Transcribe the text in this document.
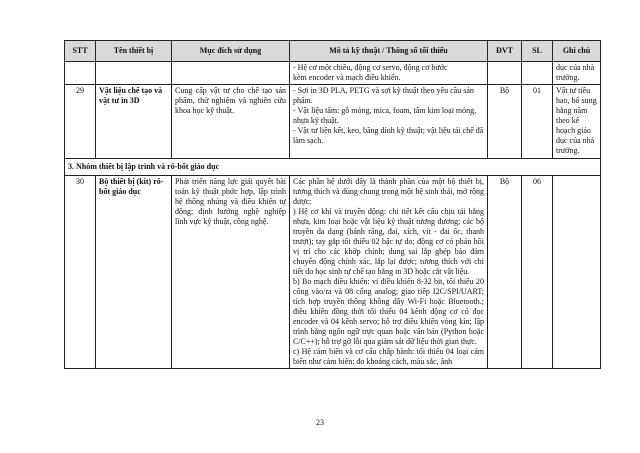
STT	Tên thiết bị	Mục đích sử dụng	Mô tả kỹ thuật / Thông số tối thiểu	ĐVT	SL	Ghi chú

			- Hệ cơ một chiều, động cơ servo, động cơ bước
kèm encoder và mạch điều khiển.			dục của nhà
trường.

29	Vật liệu chế tạo và vật tư in 3D	Cung cấp vật tư cho chế tạo sản phẩm, thử nghiệm và nghiên cứu khoa học kỹ thuật.	- Sợi in 3D PLA, PETG và sợi kỹ thuật theo yêu cầu sản phẩm.
- Vật liệu tấm: gỗ mỏng, mica, foam, tấm kim loại mỏng, nhựa kỹ thuật.
- Vật tư liên kết, keo, băng dính kỹ thuật; vật liệu tái chế đã làm sạch.	Bộ	01	Vật tư tiêu hao, bổ sung hằng năm theo kế hoạch giáo dục của nhà trường.
3. Nhóm thiết bị lập trình và rô-bốt giáo dục						
30	Bộ thiết bị (kit) rô-bốt giáo dục	Phát triển năng lực giải quyết bài toán kỹ thuật phức hợp, lập trình hệ thống nhúng và điều khiển tự động; định hướng nghề nghiệp lĩnh vực kỹ thuật, công nghệ.	Các phần hệ dưới đây là thành phần của một bộ thiết bị, tương thích và dùng chung trong một hệ sinh thái, mở rộng được:
) Hệ cơ khí và truyền động: chi tiết kết cấu chịu tải bằng nhựa, kim loại hoặc vật liệu kỹ thuật tương đương; các bộ truyền da dạng (bánh răng, đai, xích, vít - đai ốc, thanh trượt); tay gắp tối thiểu 02 bậc tự do; động cơ có phản hồi vị trí cho các khớp chính; dung sai lắp ghép bảo đảm chuyển động chính xác, lắp lại được; tương thích với chi tiết do học sinh tự chế tạo bằng in 3D hoặc cắt vật liệu.
b) Bo mạch điều khiển: vi điều khiển 8-32 bit, tối thiểu 20 cổng vào/ra và 08 cổng analog; giao tiếp I2C/SPI/UART; tích hợp truyền thông không dây Wi-Fi hoặc Bluetooth.; điều khiển đồng thời tối thiểu 04 kênh động cơ có đọc encoder và 04 kênh servo; hỗ trợ điều khiển vòng kín; lập trình bằng ngôn ngữ trực quan hoặc văn bản (Python hoặc C/C++); hỗ trợ gỡ lỗi qua giám sát dữ liệu thời gian thực.
c) Hệ cảm biến và cơ cấu chấp hành: tối thiểu 04 loại cảm biến như cảm biến: đo khoảng cách, màu sắc, ánh	Bộ	06	
23
